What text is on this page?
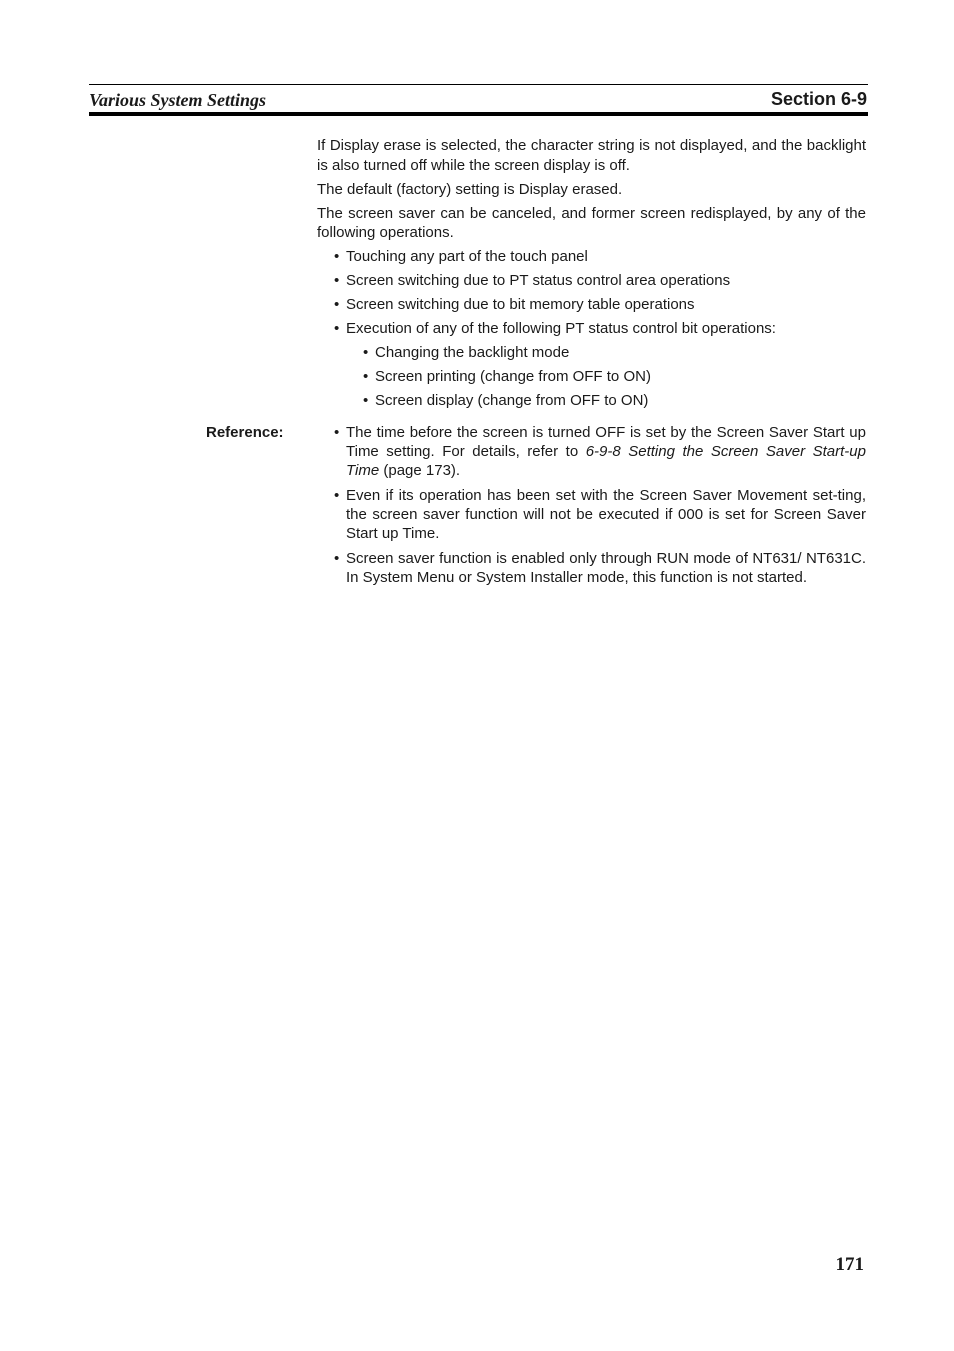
Various System Settings	Section 6-9

If Display erase is selected, the character string is not displayed, and the backlight is also turned off while the screen display is off.

The default (factory) setting is Display erased.

The screen saver can be canceled, and former screen redisplayed, by any of the following operations.

• Touching any part of the touch panel
• Screen switching due to PT status control area operations
• Screen switching due to bit memory table operations
• Execution of any of the following PT status control bit operations:
• Changing the backlight mode
• Screen printing (change from OFF to ON)
• Screen display (change from OFF to ON)
Reference:
•	The time before the screen is turned OFF is set by the Screen Saver Start up Time setting. For details, refer to 6-9-8 Setting the Screen Saver Start-up Time (page 173).
• Even if its operation has been set with the Screen Saver Movement set-ting, the screen saver function will not be executed if 000 is set for Screen Saver Start up Time.
• Screen saver function is enabled only through RUN mode of NT631/ NT631C. In System Menu or System Installer mode, this function is not started.
171
